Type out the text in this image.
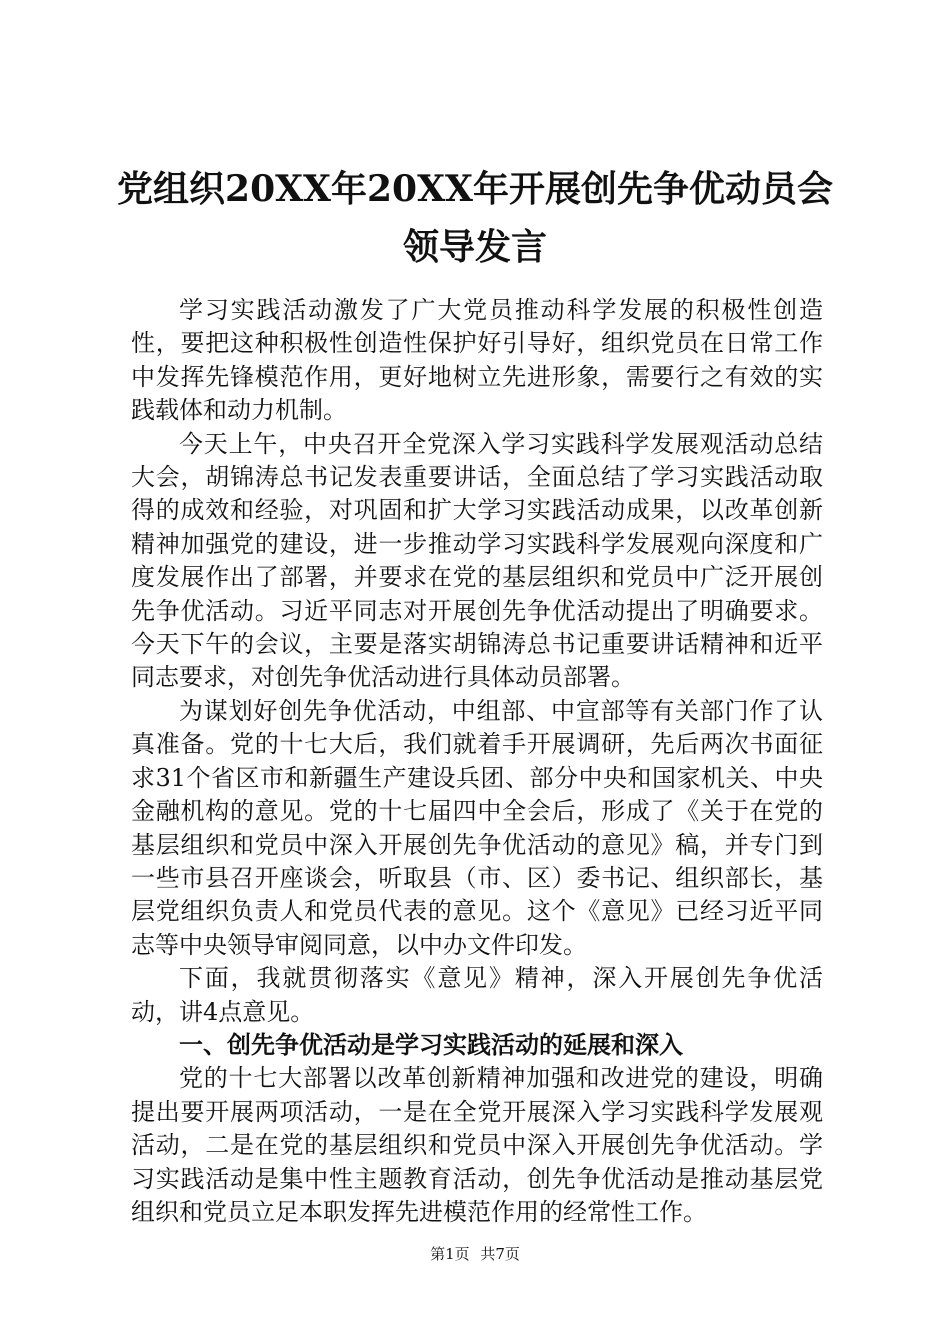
党组织20XX年20XX年开展创先争优动员会领导发言

学习实践活动激发了广大党员推动科学发展的积极性创造性，要把这种积极性创造性保护好引导好，组织党员在日常工作中发挥先锋模范作用，更好地树立先进形象，需要行之有效的实践载体和动力机制。

今天上午，中央召开全党深入学习实践科学发展观活动总结大会，胡锦涛总书记发表重要讲话，全面总结了学习实践活动取得的成效和经验，对巩固和扩大学习实践活动成果，以改革创新精神加强党的建设，进一步推动学习实践科学发展观向深度和广度发展作出了部署，并要求在党的基层组织和党员中广泛开展创先争优活动。习近平同志对开展创先争优活动提出了明确要求。今天下午的会议，主要是落实胡锦涛总书记重要讲话精神和近平同志要求，对创先争优活动进行具体动员部署。

为谋划好创先争优活动，中组部、中宣部等有关部门作了认真准备。党的十七大后，我们就着手开展调研，先后两次书面征求31个省区市和新疆生产建设兵团、部分中央和国家机关、中央金融机构的意见。党的十七届四中全会后，形成了《关于在党的基层组织和党员中深入开展创先争优活动的意见》稿，并专门到一些市县召开座谈会，听取县（市、区）委书记、组织部长，基层党组织负责人和党员代表的意见。这个《意见》已经习近平同志等中央领导审阅同意，以中办文件印发。

下面，我就贯彻落实《意见》精神，深入开展创先争优活动，讲4点意见。

一、创先争优活动是学习实践活动的延展和深入

党的十七大部署以改革创新精神加强和改进党的建设，明确提出要开展两项活动，一是在全党开展深入学习实践科学发展观活动，二是在党的基层组织和党员中深入开展创先争优活动。学习实践活动是集中性主题教育活动，创先争优活动是推动基层党组织和党员立足本职发挥先进模范作用的经常性工作。

第1页 共7页
